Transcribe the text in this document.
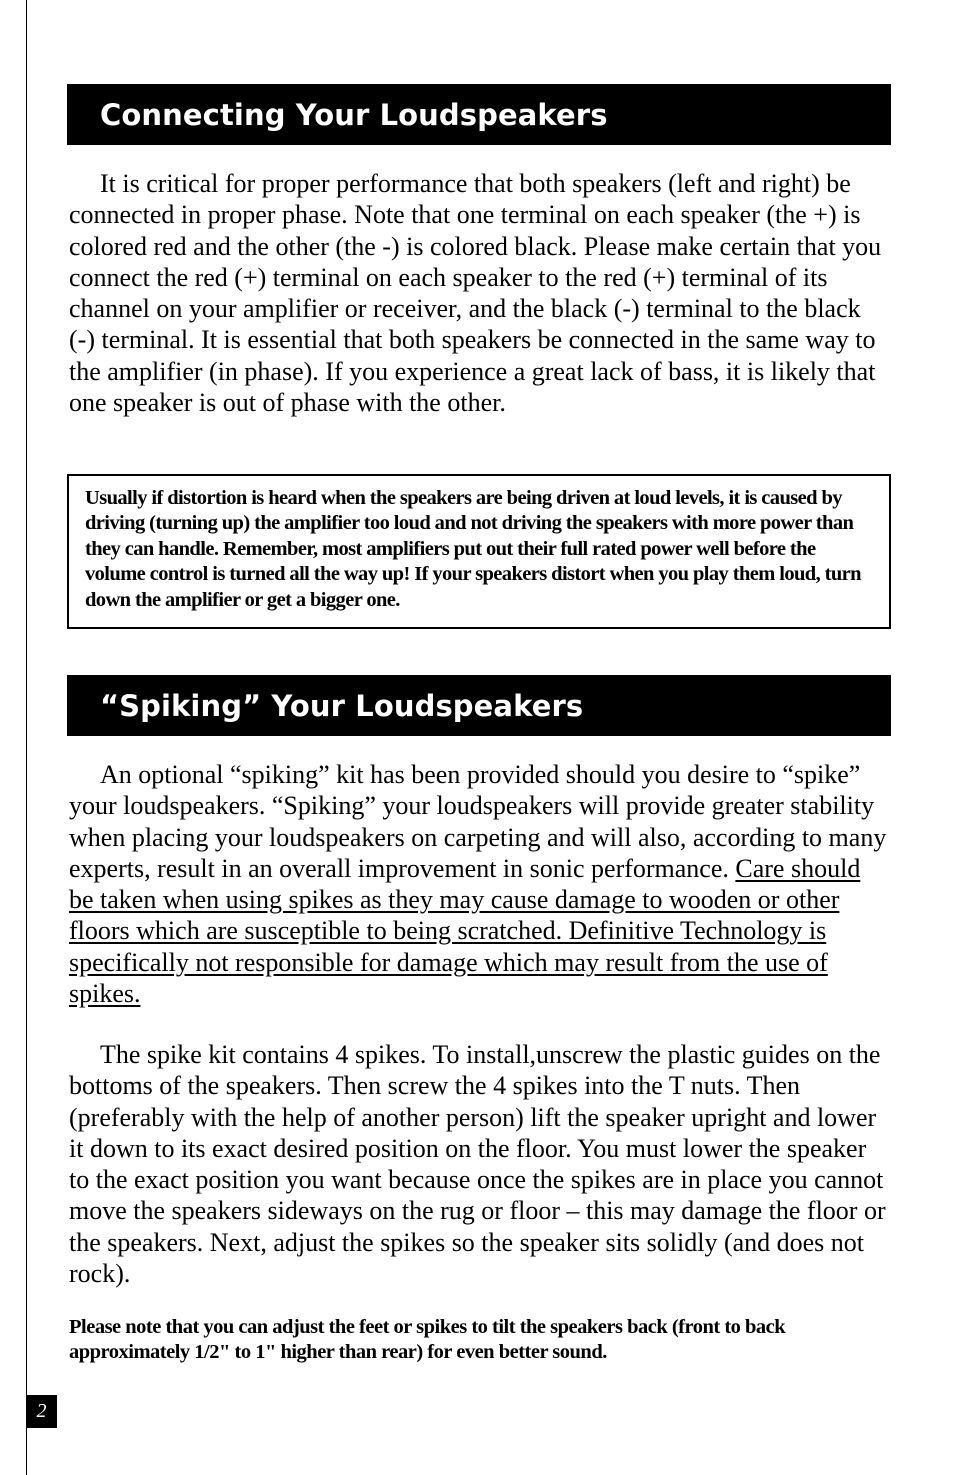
Connecting Your Loudspeakers

It is critical for proper performance that both speakers (left and right) be connected in proper phase. Note that one terminal on each speaker (the +) is colored red and the other (the -) is colored black. Please make certain that you connect the red (+) terminal on each speaker to the red (+) terminal of its channel on your amplifier or receiver, and the black (-) terminal to the black (-) terminal. It is essential that both speakers be connected in the same way to the amplifier (in phase). If you experience a great lack of bass, it is likely that one speaker is out of phase with the other.

Usually if distortion is heard when the speakers are being driven at loud levels, it is caused by driving (turning up) the amplifier too loud and not driving the speakers with more power than they can handle. Remember, most amplifiers put out their full rated power well before the volume control is turned all the way up! If your speakers distort when you play them loud, turn down the amplifier or get a bigger one.
“Spiking” Your Loudspeakers

An optional “spiking” kit has been provided should you desire to “spike” your loudspeakers. “Spiking” your loudspeakers will provide greater stability when placing your loudspeakers on carpeting and will also, according to many experts, result in an overall improvement in sonic performance. Care should be taken when using spikes as they may cause damage to wooden or other floors which are susceptible to being scratched. Definitive Technology is specifically not responsible for damage which may result from the use of spikes.

The spike kit contains 4 spikes. To install,unscrew the plastic guides on the bottoms of the speakers. Then screw the 4 spikes into the T nuts. Then (preferably with the help of another person) lift the speaker upright and lower it down to its exact desired position on the floor. You must lower the speaker to the exact position you want because once the spikes are in place you cannot move the speakers sideways on the rug or floor – this may damage the floor or the speakers. Next, adjust the spikes so the speaker sits solidly (and does not rock).

Please note that you can adjust the feet or spikes to tilt the speakers back (front to back approximately 1/2" to 1" higher than rear) for even better sound.

2
